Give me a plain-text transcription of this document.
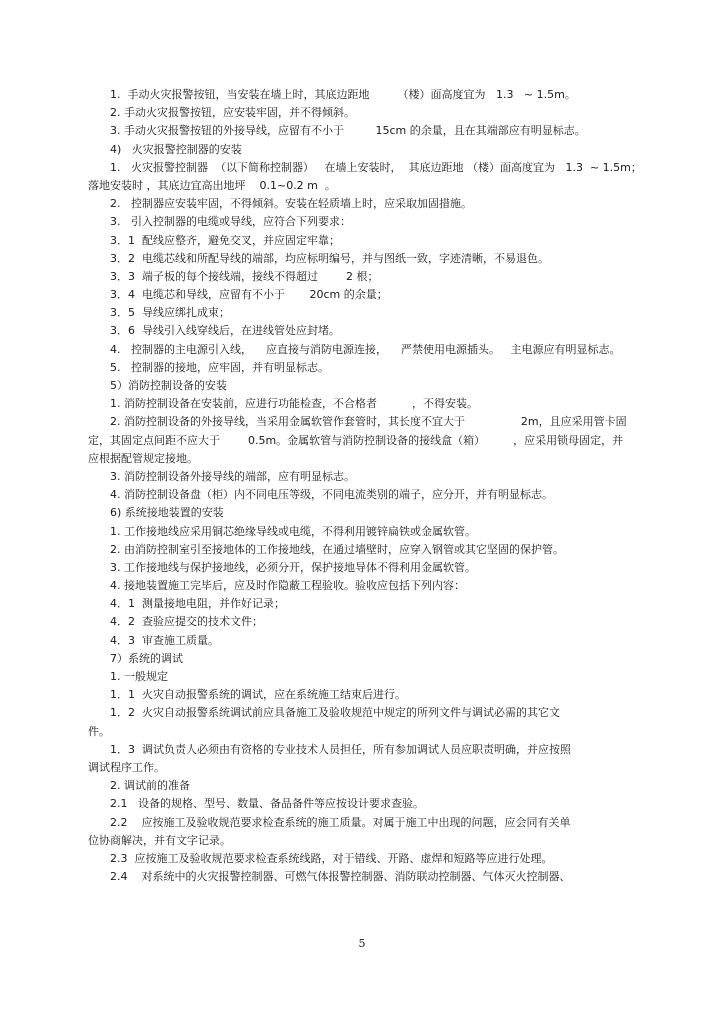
1.  手动火灾报警按钮，当安装在墙上时，其底边距地        （楼）面高度宜为   1.3   ~ 1.5m。
2. 手动火灾报警按钮，应安装牢固，并不得倾斜。
3. 手动火灾报警按钮的外接导线，应留有不小于         15cm 的余量，且在其端部应有明显标志。
4)   火灾报警控制器的安装
1.   火灾报警控制器  （以下简称控制器）   在墙上安装时，  其底边距地 （楼）面高度宜为   1.3  ~ 1.5m；
落地安装时 ，其底边宜高出地坪    0.1~0.2 m  。
2.   控制器应安装牢固，不得倾斜。安装在轻质墙上时，应采取加固措施。
3.   引入控制器的电缆或导线，应符合下列要求：
3．1  配线应整齐，避免交叉，并应固定牢靠；
3．2  电缆芯线和所配导线的端部，均应标明编号，并与图纸一致，字迹清晰，不易退色。
3．3  端子板的每个接线端，接线不得超过        2 根；
3．4  电缆芯和导线，应留有不小于       20cm 的余量；
3．5  导线应绑扎成束；
3．6  导线引入线穿线后，在进线管处应封堵。
4.   控制器的主电源引入线，    应直接与消防电源连接，    严禁使用电源插头。   主电源应有明显标志。
5.   控制器的接地，应牢固，并有明显标志。
5）消防控制设备的安装
1. 消防控制设备在安装前，应进行功能检查，不合格者          ，不得安装。
2. 消防控制设备的外接导线，当采用金属软管作套管时，其长度不宜大于                2m，且应采用管卡固
定，其固定点间距不应大于        0.5m。金属软管与消防控制设备的接线盒（箱）        ，应采用锁母固定，并
应根据配管规定接地。
3. 消防控制设备外接导线的端部，应有明显标志。
4. 消防控制设备盘（柜）内不同电压等级，不同电流类别的端子，应分开，并有明显标志。
6) 系统接地装置的安装
1. 工作接地线应采用铜芯绝缘导线或电缆，不得利用镀锌扁铁或金属软管。
2. 由消防控制室引至接地体的工作接地线，在通过墙壁时，应穿入钢管或其它坚固的保护管。
3. 工作接地线与保护接地线，必须分开，保护接地导体不得利用金属软管。
4. 接地装置施工完毕后，应及时作隐蔽工程验收。验收应包括下列内容：
4．1  测量接地电阻，并作好记录；
4．2  查验应提交的技术文件；
4．3  审查施工质量。
7）系统的调试
1. 一般规定
1．1  火灾自动报警系统的调试，应在系统施工结束后进行。
1．2  火灾自动报警系统调试前应具备施工及验收规范中规定的所列文件与调试必需的其它文
件。
1．3  调试负责人必须由有资格的专业技术人员担任，所有参加调试人员应职责明确，并应按照
调试程序工作。
2. 调试前的准备
2.1   设备的规格、型号、数量、备品备件等应按设计要求查验。
2.2    应按施工及验收规范要求检查系统的施工质量。对属于施工中出现的问题，应会同有关单
位协商解决，并有文字记录。
2.3  应按施工及验收规范要求检查系统线路，对于错线、开路、虚焊和短路等应进行处理。
2.4    对系统中的火灾报警控制器、可燃气体报警控制器、消防联动控制器、气体灭火控制器、
5
